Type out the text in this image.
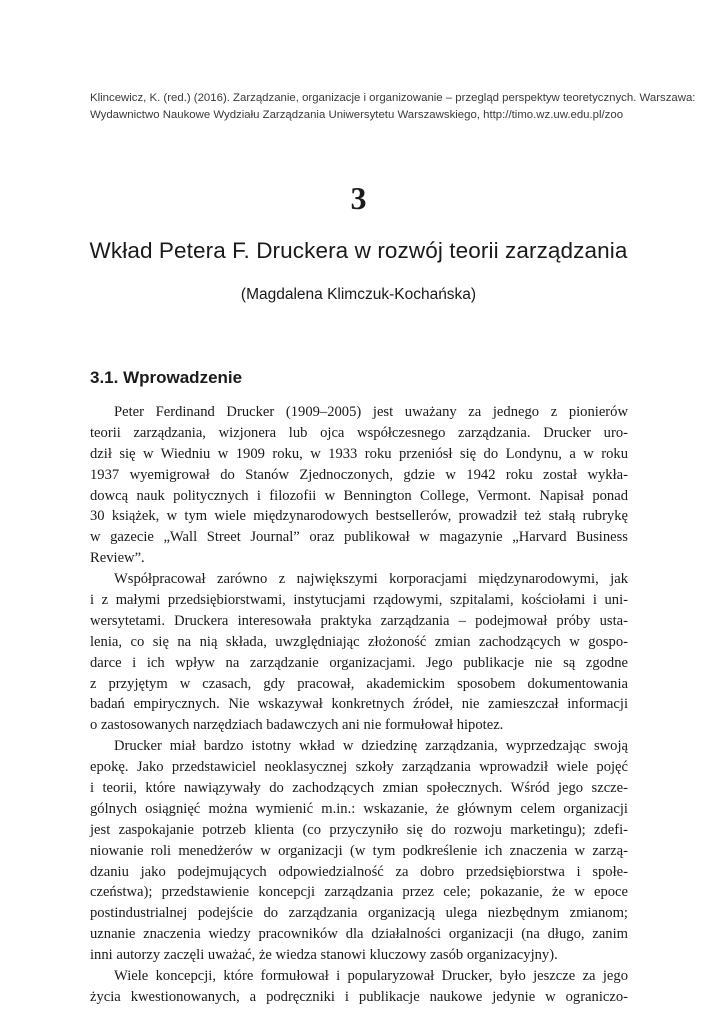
Klincewicz, K. (red.) (2016). Zarządzanie, organizacje i organizowanie – przegląd perspektyw teoretycznych. Warszawa:
Wydawnictwo Naukowe Wydziału Zarządzania Uniwersytetu Warszawskiego, http://timo.wz.uw.edu.pl/zoo
3
Wkład Petera F. Druckera w rozwój teorii zarządzania
(Magdalena Klimczuk-Kochańska)
3.1. Wprowadzenie
Peter Ferdinand Drucker (1909–2005) jest uważany za jednego z pionierów
teorii zarządzania, wizjonera lub ojca współczesnego zarządzania. Drucker uro-
dził się w Wiedniu w 1909 roku, w 1933 roku przeniósł się do Londynu, a w roku
1937 wyemigrował do Stanów Zjednoczonych, gdzie w 1942 roku został wykła-
dowcą nauk politycznych i filozofii w Bennington College, Vermont. Napisał ponad
30 książek, w tym wiele międzynarodowych bestsellerów, prowadził też stałą rubrykę
w gazecie „Wall Street Journal” oraz publikował w magazynie „Harvard Business
Review”.
Współpracował zarówno z największymi korporacjami międzynarodowymi, jak
i z małymi przedsiębiorstwami, instytucjami rządowymi, szpitalami, kościołami i uni-
wersytetami. Druckera interesowała praktyka zarządzania – podejmował próby usta-
lenia, co się na nią składa, uwzględniając złożoność zmian zachodzących w gospo-
darce i ich wpływ na zarządzanie organizacjami. Jego publikacje nie są zgodne
z przyjętym w czasach, gdy pracował, akademickim sposobem dokumentowania
badań empirycznych. Nie wskazywał konkretnych źródeł, nie zamieszczał informacji
o zastosowanych narzędziach badawczych ani nie formułował hipotez.
Drucker miał bardzo istotny wkład w dziedzinę zarządzania, wyprzedzając swoją
epokę. Jako przedstawiciel neoklasycznej szkoły zarządzania wprowadził wiele pojęć
i teorii, które nawiązywały do zachodzących zmian społecznych. Wśród jego szcze-
gólnych osiągnięć można wymienić m.in.: wskazanie, że głównym celem organizacji
jest zaspokajanie potrzeb klienta (co przyczyniło się do rozwoju marketingu); zdefi-
niowanie roli menedżerów w organizacji (w tym podkreślenie ich znaczenia w zarzą-
dzaniu jako podejmujących odpowiedzialność za dobro przedsiębiorstwa i społe-
czeństwa); przedstawienie koncepcji zarządzania przez cele; pokazanie, że w epoce
postindustrialnej podejście do zarządzania organizacją ulega niezbędnym zmianom;
uznanie znaczenia wiedzy pracowników dla działalności organizacji (na długo, zanim
inni autorzy zaczęli uważać, że wiedza stanowi kluczowy zasób organizacyjny).
Wiele koncepcji, które formułował i popularyzował Drucker, było jeszcze za jego
życia kwestionowanych, a podręczniki i publikacje naukowe jedynie w ograniczo-
